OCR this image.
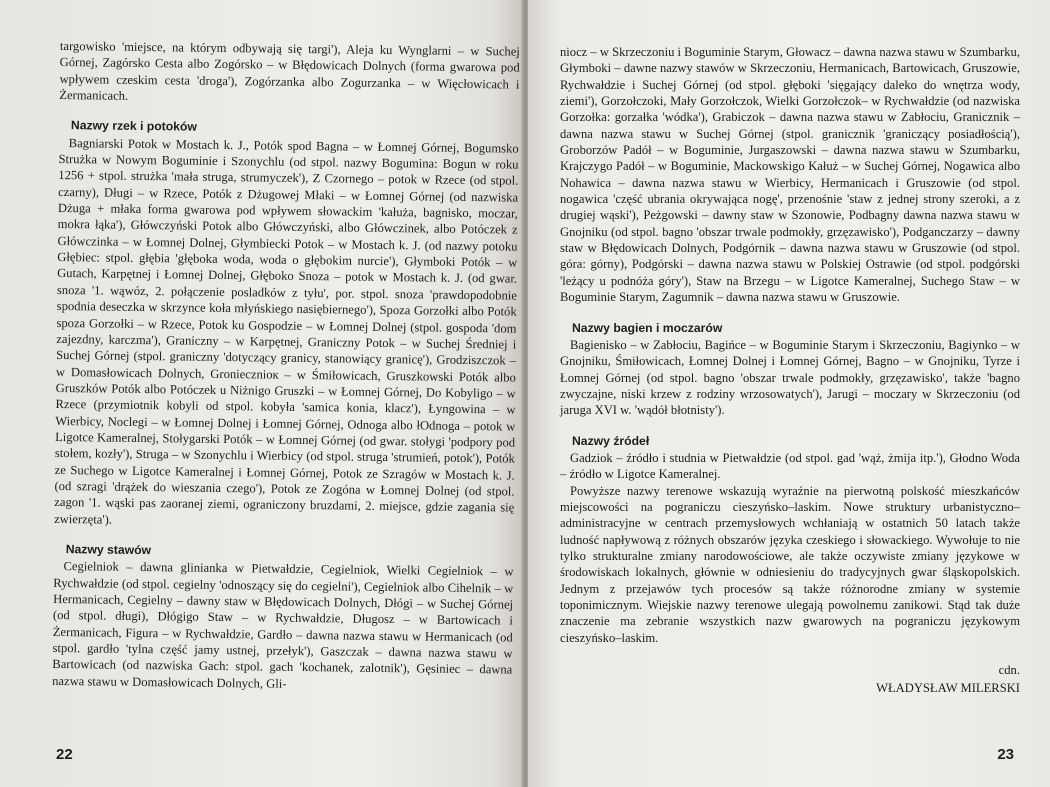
targowisko 'miejsce, na którym odbywają się targi'), Aleja ku Wynglarni – w Suchej Górnej, Zagórsko Cesta albo Zogórsko – w Błędowicach Dolnych (forma gwarowa pod wpływem czeskim cesta 'droga'), Zogórzanka albo Zogurzanka – w Więcłowicach i Żermanicach.

Nazwy rzek i potoków

Bagniarski Potok w Mostach k. J., Potók spod Bagna – w Łomnej Górnej, Bogumsko Strużka w Nowym Boguminie i Szonychlu (od stpol. nazwy Bogumina: Bogun w roku 1256 + stpol. strużka 'mała struga, strumyczek'), Z Czornego – potok w Rzece (od stpol. czarny), Długi – w Rzece, Potók z Dżugowej Młaki – w Łomnej Górnej (od nazwiska Dżuga + młaka forma gwarowa pod wpływem słowackim 'kałuża, bagnisko, moczar, mokra łąka'), Główczyński Potok albo Główczyński, albo Główczinek, albo Potóczek z Główczinka – w Łomnej Dolnej, Głymbiecki Potok – w Mostach k. J. (od nazwy potoku Głębiec: stpol. głębia 'głęboka woda, woda o głębokim nurcie'), Głymboki Potók – w Gutach, Karpętnej i Łomnej Dolnej, Głęboko Snoza – potok w Mostach k. J. (od gwar. snoza '1. wąwóz, 2. połączenie posladków z tyłu', por. stpol. snoza 'prawdopodobnie spodnia deseczka w skrzynce koła młyńskiego nasiębiernego'), Spoza Gorzołki albo Potók spoza Gorzołki – w Rzece, Potok ku Gospodzie – w Łomnej Dolnej (stpol. gospoda 'dom zajezdny, karczma'), Graniczny – w Karpętnej, Graniczny Potok – w Suchej Średniej i Suchej Górnej (stpol. graniczny 'dotyczący granicy, stanowiący granicę'), Grodziszczok – w Domasłowicach Dolnych, Groniecznioк – w Śmiłowicach, Gruszkowski Potók albo Gruszków Potók albo Potóczek u Niżnigo Gruszki – w Łomnej Górnej, Do Kobyligo – w Rzece (przymiotnik kobyli od stpol. kobyła 'samica konia, klacz'), Łyngowina – w Wierbicy, Noclegi – w Łomnej Dolnej i Łomnej Górnej, Odnoga albo łOdnoga – potok w Ligotce Kameralnej, Stołygarski Potók – w Łomnej Górnej (od gwar. stołygi 'podpory pod stołem, kozły'), Struga – w Szonychlu i Wierbicy (od stpol. struga 'strumień, potok'), Potók ze Suchego w Ligotce Kameralnej i Łomnej Górnej, Potok ze Szragów w Mostach k. J. (od szragi 'drążek do wieszania czego'), Potok ze Zogóna w Łomnej Dolnej (od stpol. zagon '1. wąski pas zaoranej ziemi, ograniczony bruzdami, 2. miejsce, gdzie zagania się zwierzęta').

Nazwy stawów

Cegielniok – dawna glinianka w Pietwałdzie, Cegielniok, Wielki Cegielniok – w Rychwałdzie (od stpol. cegielny 'odnoszący się do cegielni'), Cegielniok albo Cihelnik – w Hermanicach, Cegielny – dawny staw w Błędowicach Dolnych, Dłógi – w Suchej Górnej (od stpol. długi), Dłógigo Staw – w Rychwałdzie, Długosz – w Bartowicach i Żermanicach, Figura – w Rychwałdzie, Gardło – dawna nazwa stawu w Hermanicach (od stpol. gardło 'tylna część jamy ustnej, przełyk'), Gaszczak – dawna nazwa stawu w Bartowicach (od nazwiska Gach: stpol. gach 'kochanek, zalotnik'), Gęsiniec – dawna nazwa stawu w Domasłowicach Dolnych, Gli-

22

niocz – w Skrzeczoniu i Boguminie Starym, Głowacz – dawna nazwa stawu w Szumbarku, Głymboki – dawne nazwy stawów w Skrzeczoniu, Hermanicach, Bartowicach, Gruszowie, Rychwałdzie i Suchej Górnej (od stpol. głęboki 'sięgający daleko do wnętrza wody, ziemi'), Gorzołczoki, Mały Gorzołczok, Wielki Gorzołczok– w Rychwałdzie (od nazwiska Gorzołka: gorzałka 'wódka'), Grabiczok – dawna nazwa stawu w Zabłociu, Granicznik – dawna nazwa stawu w Suchej Górnej (stpol. granicznik 'graniczący posiadłością'), Groborzów Padół – w Boguminie, Jurgaszowski – dawna nazwa stawu w Szumbarku, Krajczygo Padół – w Boguminie, Mackowskigo Kałuż – w Suchej Górnej, Nogawica albo Nohawica – dawna nazwa stawu w Wierbicy, Hermanicach i Gruszowie (od stpol. nogawica 'część ubrania okrywająca nogę', przenośnie 'staw z jednej strony szeroki, a z drugiej wąski'), Peżgowski – dawny staw w Szonowie, Podbagny dawna nazwa stawu w Gnojniku (od stpol. bagno 'obszar trwale podmokły, grzęzawisko'), Podganczarzy – dawny staw w Błędowicach Dolnych, Podgórnik – dawna nazwa stawu w Gruszowie (od stpol. góra: górny), Podgórski – dawna nazwa stawu w Polskiej Ostrawie (od stpol. podgórski 'leżący u podnóża góry'), Staw na Brzegu – w Ligotce Kameralnej, Suchego Staw – w Boguminie Starym, Zagumnik – dawna nazwa stawu w Gruszowie.

Nazwy bagien i moczarów

Bagienisko – w Zabłociu, Bagińce – w Boguminie Starym i Skrzeczoniu, Bagiynko – w Gnojniku, Śmiłowicach, Łomnej Dolnej i Łomnej Górnej, Bagno – w Gnojniku, Tyrze i Łomnej Górnej (od stpol. bagno 'obszar trwale podmokły, grzęzawisko', także 'bagno zwyczajne, niski krzew z rodziny wrzosowatych'), Jarugi – moczary w Skrzeczoniu (od jaruga XVI w. 'wądół błotnisty').

Nazwy źródeł

Gadziok – źródło i studnia w Pietwałdzie (od stpol. gad 'wąż, żmija itp.'), Głodno Woda – źródło w Ligotce Kameralnej.

Powyższe nazwy terenowe wskazują wyraźnie na pierwotną polskość mieszkańców miejscowości na pograniczu cieszyńsko–laskim. Nowe struktury urbanistyczno–administracyjne w centrach przemysłowych wchłaniają w ostatnich 50 latach także ludność napływową z różnych obszarów języka czeskiego i słowackiego. Wywołuje to nie tylko strukturalne zmiany narodowościowe, ale także oczywiste zmiany językowe w środowiskach lokalnych, głównie w odniesieniu do tradycyjnych gwar śląskopolskich. Jednym z przejawów tych procesów są także różnorodne zmiany w systemie toponimicznym. Wiejskie nazwy terenowe ulegają powolnemu zanikowi. Stąd tak duże znaczenie ma zebranie wszystkich nazw gwarowych na pograniczu językowym cieszyńsko–laskim.

cdn.

WŁADYSŁAW MILERSKI

23
